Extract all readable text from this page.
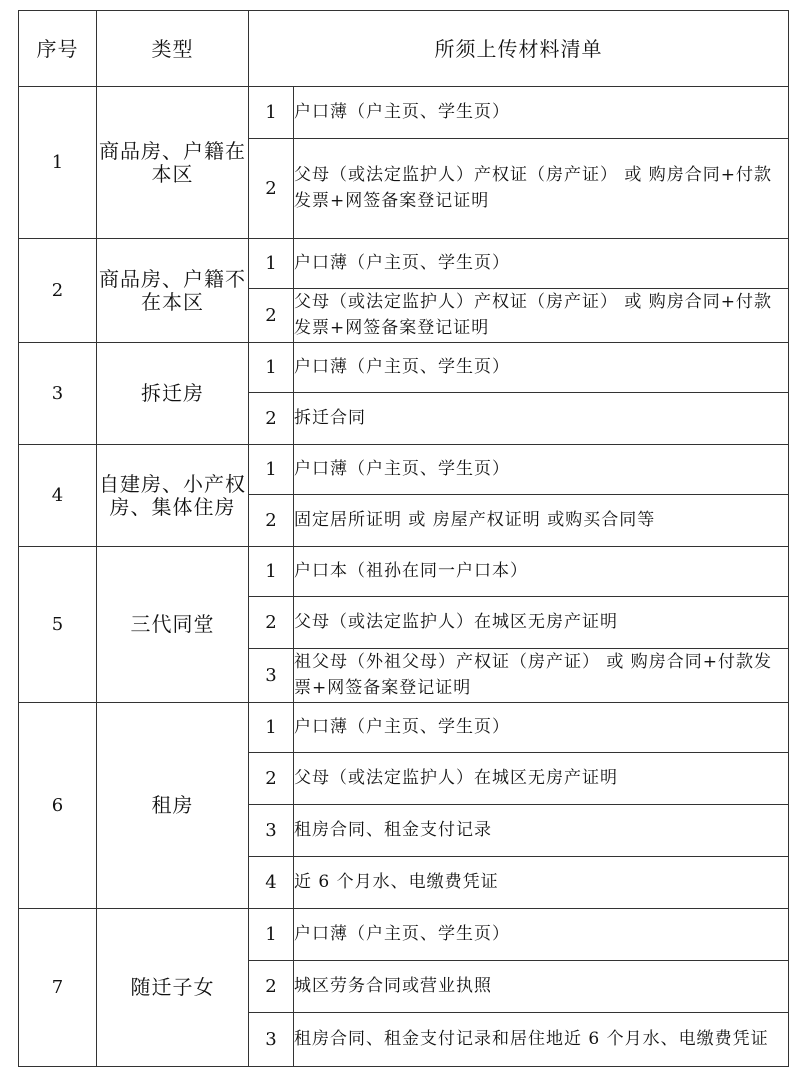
序号	类型	所须上传材料清单	
1	商品房、户籍在本区	1	户口薄（户主页、学生页）
		2	父母（或法定监护人）产权证（房产证） 或 购房合同+付款发票+网签备案登记证明
2	商品房、户籍不在本区	1	户口薄（户主页、学生页）
		2	父母（或法定监护人）产权证（房产证） 或 购房合同+付款发票+网签备案登记证明
3	拆迁房	1	户口薄（户主页、学生页）
		2	拆迁合同
4	自建房、小产权房、集体住房	1	户口薄（户主页、学生页）
		2	固定居所证明 或 房屋产权证明 或购买合同等
5	三代同堂	1	户口本（祖孙在同一户口本）
		2	父母（或法定监护人）在城区无房产证明
		3	祖父母（外祖父母）产权证（房产证） 或 购房合同+付款发票+网签备案登记证明
6	租房	1	户口薄（户主页、学生页）
		2	父母（或法定监护人）在城区无房产证明
		3	租房合同、租金支付记录
		4	近 6 个月水、电缴费凭证
7	随迁子女	1	户口薄（户主页、学生页）
		2	城区劳务合同或营业执照
		3	租房合同、租金支付记录和居住地近 6 个月水、电缴费凭证
